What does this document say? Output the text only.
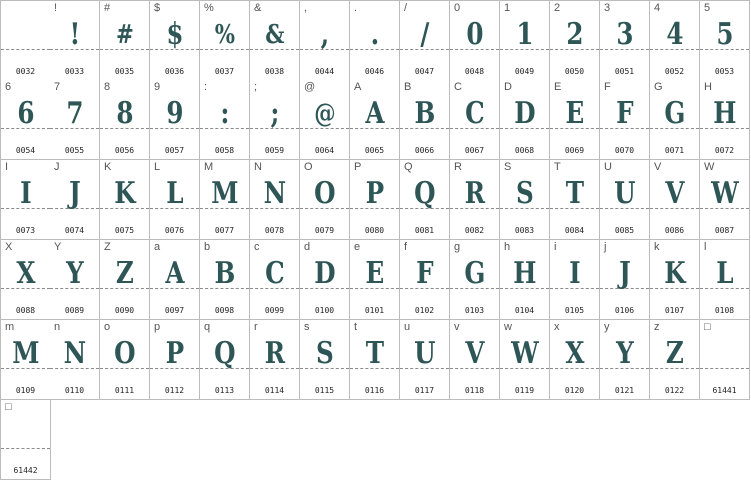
0032
!
!
0033
#
#
0035
$
$
0036
%
%
0037
&
&
0038
,
,
0044
.
.
0046
/
/
0047
0
0
0048
1
1
0049
2
2
0050
3
3
0051
4
4
0052
5
5
0053
6
6
0054
7
7
0055
8
8
0056
9
9
0057
:
:
0058
;
;
0059
@
@
0064
A
A
0065
B
B
0066
C
C
0067
D
D
0068
E
E
0069
F
F
0070
G
G
0071
H
H
0072
I
I
0073
J
J
0074
K
K
0075
L
L
0076
M
M
0077
N
N
0078
O
O
0079
P
P
0080
Q
Q
0081
R
R
0082
S
S
0083
T
T
0084
U
U
0085
V
V
0086
W
W
0087
X
X
0088
Y
Y
0089
Z
Z
0090
a
A
0097
b
B
0098
c
C
0099
d
D
0100
e
E
0101
f
F
0102
g
G
0103
h
H
0104
i
I
0105
j
J
0106
k
K
0107
l
L
0108
m
M
0109
n
N
0110
o
O
0111
p
P
0112
q
Q
0113
r
R
0114
s
S
0115
t
T
0116
u
U
0117
v
V
0118
w
W
0119
x
X
0120
y
Y
0121
z
Z
0122
□
61441
□
61442
